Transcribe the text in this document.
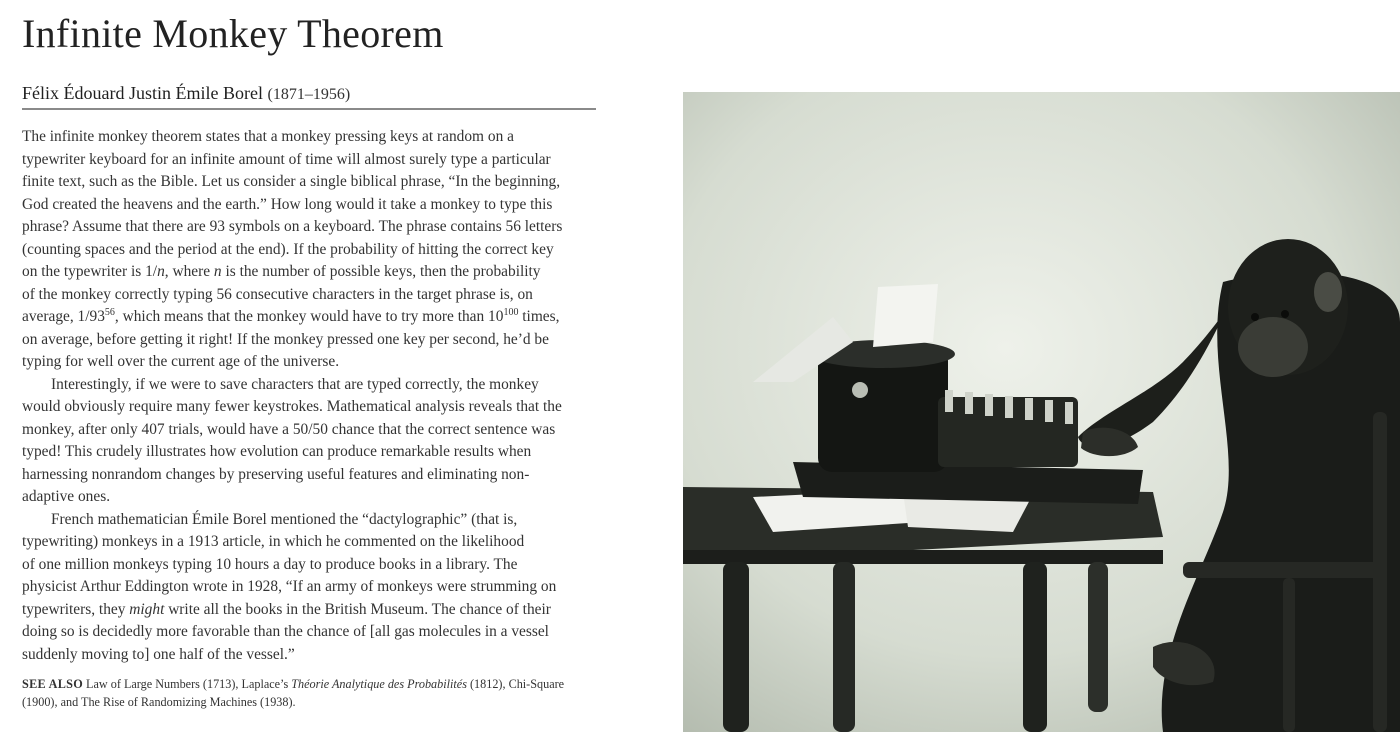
Infinite Monkey Theorem
Félix Édouard Justin Émile Borel (1871–1956)

The infinite monkey theorem states that a monkey pressing keys at random on a
typewriter keyboard for an infinite amount of time will almost surely type a particular
finite text, such as the Bible. Let us consider a single biblical phrase, “In the beginning,
God created the heavens and the earth.” How long would it take a monkey to type this
phrase? Assume that there are 93 symbols on a keyboard. The phrase contains 56 letters
(counting spaces and the period at the end). If the probability of hitting the correct key
on the typewriter is 1/n, where n is the number of possible keys, then the probability
of the monkey correctly typing 56 consecutive characters in the target phrase is, on
average, $1/93^{56}$, which means that the monkey would have to try more than $10^{100}$ times,
on average, before getting it right! If the monkey pressed one key per second, he’d be
typing for well over the current age of the universe.

Interestingly, if we were to save characters that are typed correctly, the monkey
would obviously require many fewer keystrokes. Mathematical analysis reveals that the
monkey, after only 407 trials, would have a 50/50 chance that the correct sentence was
typed! This crudely illustrates how evolution can produce remarkable results when
harnessing nonrandom changes by preserving useful features and eliminating non-
adaptive ones.

French mathematician Émile Borel mentioned the “dactylographic” (that is,
typewriting) monkeys in a 1913 article, in which he commented on the likelihood
of one million monkeys typing 10 hours a day to produce books in a library. The
physicist Arthur Eddington wrote in 1928, “If an army of monkeys were strumming on
typewriters, they might write all the books in the British Museum. The chance of their
doing so is decidedly more favorable than the chance of [all gas molecules in a vessel
suddenly moving to] one half of the vessel.”

SEE ALSO Law of Large Numbers (1713), Laplace’s Théorie Analytique des Probabilités (1812), Chi-Square
(1900), and The Rise of Randomizing Machines (1938).
